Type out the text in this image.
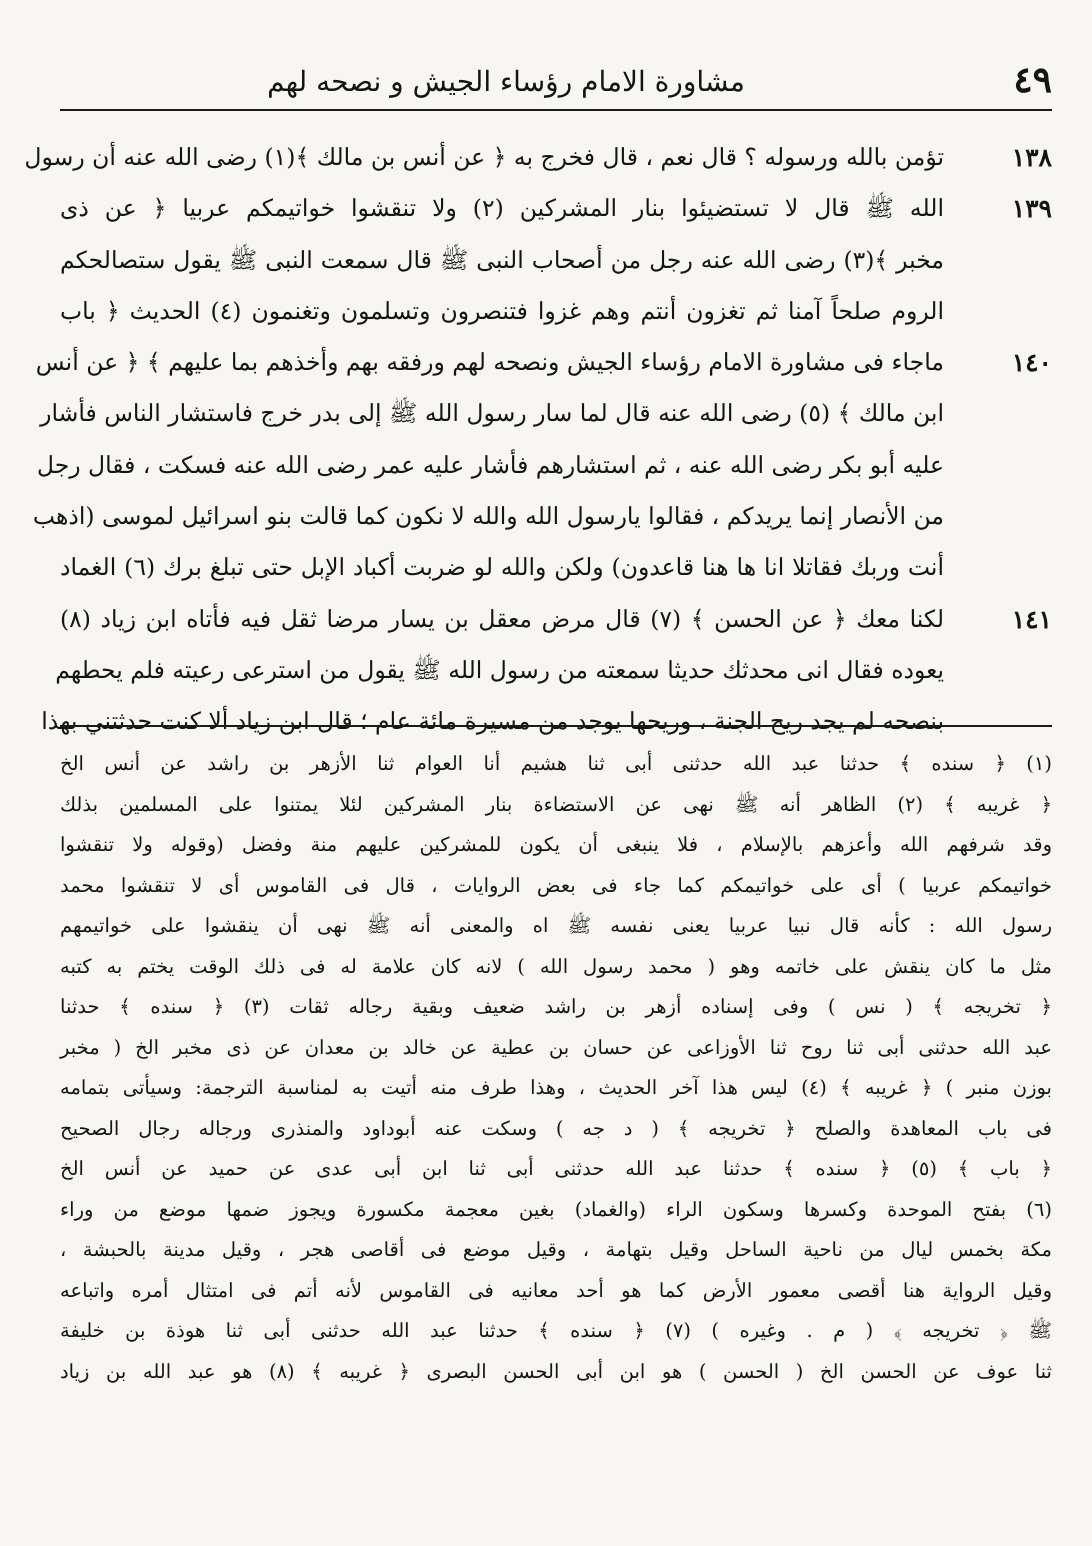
مشاورة الامام رؤساء الجيش و نصحه لهم	٤٩
تؤمن بالله ورسوله ؟ قال نعم ، قال فخرج به ﴿ عن أنس بن مالك ﴾(١) رضى الله عنه أن رسول	١٣٨
الله ﷺ قال لا تستضيئوا بنار المشركين (٢) ولا تنقشوا خواتيمكم عربيا ﴿ عن ذى	١٣٩
مخبر ﴾(٣) رضى الله عنه رجل من أصحاب النبى ﷺ قال سمعت النبى ﷺ يقول ستصالحكم
الروم صلحاً آمنا ثم تغزون أنتم وهم غزوا فتنصرون وتسلمون وتغنمون (٤) الحديث ﴿ باب
ماجاء فى مشاورة الامام رؤساء الجيش ونصحه لهم ورفقه بهم وأخذهم بما عليهم ﴾ ﴿ عن أنس	١٤٠
ابن مالك ﴾ (٥) رضى الله عنه قال لما سار رسول الله ﷺ إلى بدر خرج فاستشار الناس فأشار
عليه أبو بكر رضى الله عنه ، ثم استشارهم فأشار عليه عمر رضى الله عنه فسكت ، فقال رجل
من الأنصار إنما يريدكم ، فقالوا يارسول الله والله لا نكون كما قالت بنو اسرائيل لموسى (اذهب
أنت وربك فقاتلا انا ها هنا قاعدون) ولكن والله لو ضربت أكباد الإبل حتى تبلغ برك (٦) الغماد
لكنا معك ﴿ عن الحسن ﴾ (٧) قال مرض معقل بن يسار مرضا ثقل فيه فأتاه ابن زياد (٨)	١٤١
يعوده فقال انى محدثك حديثا سمعته من رسول الله ﷺ يقول من استرعى رعيته فلم يحطهم
بنصحه لم يجد ريح الجنة ، وريحها يوجد من مسيرة مائة عام ؛ قال ابن زياد ألا كنت حدثتني بهذا
(١) ﴿ سنده ﴾ حدثنا عبد الله حدثنى أبى ثنا هشيم أنا العوام ثنا الأزهر بن راشد عن أنس الخ
﴿ غريبه ﴾ (٢) الظاهر أنه ﷺ نهى عن الاستضاءة بنار المشركين لئلا يمتنوا على المسلمين بذلك
وقد شرفهم الله وأعزهم بالإسلام ، فلا ينبغى أن يكون للمشركين عليهم منة وفضل (وقوله ولا تنقشوا
خواتيمكم عربيا ) أى على خواتيمكم كما جاء فى بعض الروايات ، قال فى القاموس أى لا تنقشوا محمد
رسول الله : كأنه قال نبيا عربيا يعنى نفسه ﷺ اه والمعنى أنه ﷺ نهى أن ينقشوا على خواتيمهم
مثل ما كان ينقش على خاتمه وهو ( محمد رسول الله ) لانه كان علامة له فى ذلك الوقت يختم به كتبه
﴿ تخريجه ﴾ ( نس ) وفى إسناده أزهر بن راشد ضعيف وبقية رجاله ثقات (٣) ﴿ سنده ﴾ حدثنا
عبد الله حدثنى أبى ثنا روح ثنا الأوزاعى عن حسان بن عطية عن خالد بن معدان عن ذى مخبر الخ ( مخبر
بوزن منبر ) ﴿ غريبه ﴾ (٤) ليس هذا آخر الحديث ، وهذا طرف منه أتيت به لمناسبة الترجمة: وسيأتى بتمامه
فى باب المعاهدة والصلح ﴿ تخريجه ﴾ ( د جه ) وسكت عنه أبوداود والمنذرى ورجاله رجال الصحيح
﴿ باب ﴾ (٥) ﴿ سنده ﴾ حدثنا عبد الله حدثنى أبى ثنا ابن أبى عدى عن حميد عن أنس الخ
(٦) بفتح الموحدة وكسرها وسكون الراء (والغماد) بغين معجمة مكسورة ويجوز ضمها موضع من وراء
مكة بخمس ليال من ناحية الساحل وقيل بتهامة ، وقيل موضع فى أقاصى هجر ، وقيل مدينة بالحبشة ،
وقيل الرواية هنا أقصى معمور الأرض كما هو أحد معانيه فى القاموس لأنه أتم فى امتثال أمره واتباعه
ﷺ ﴿ تخريجه ﴾ ( م . وغيره ) (٧) ﴿ سنده ﴾ حدثنا عبد الله حدثنى أبى ثنا هوذة بن خليفة
ثنا عوف عن الحسن الخ ( الحسن ) هو ابن أبى الحسن البصرى ﴿ غريبه ﴾ (٨) هو عبد الله بن زياد
